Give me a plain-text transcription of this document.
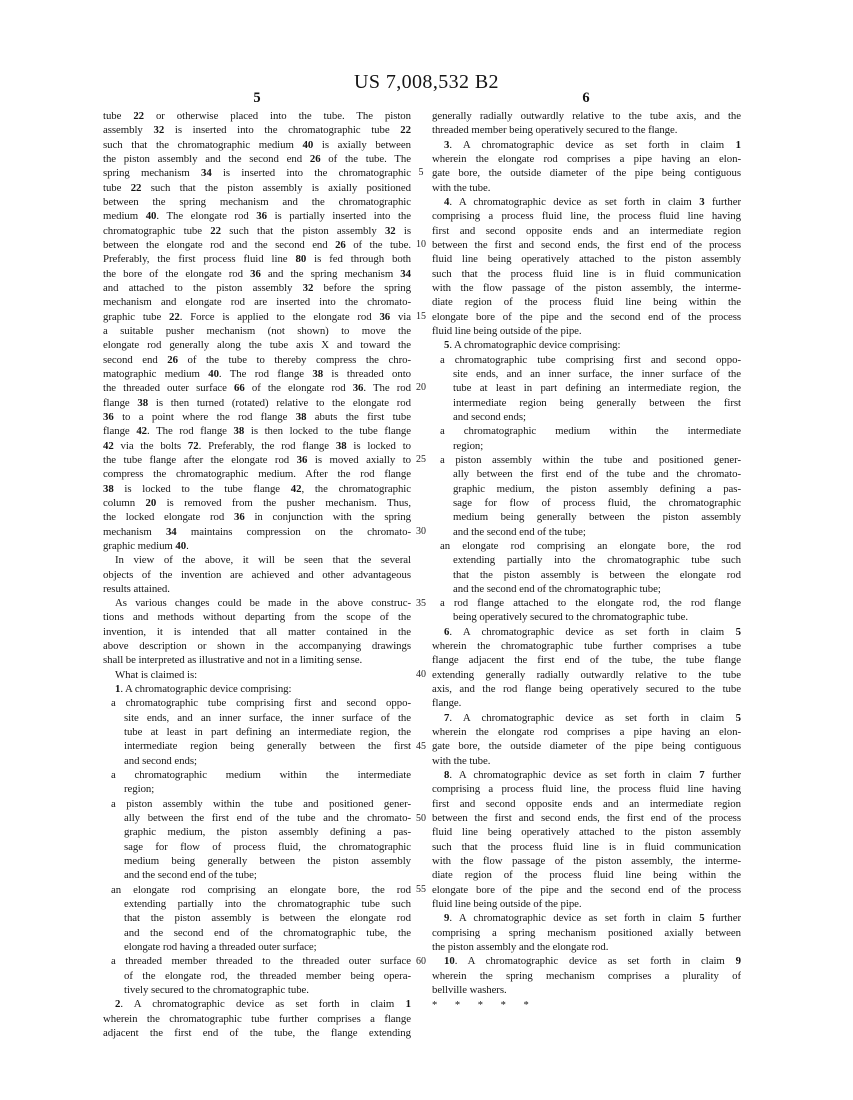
US 7,008,532 B2
5	6
tube 22 or otherwise placed into the tube. The piston
assembly 32 is inserted into the chromatographic tube 22
such that the chromatographic medium 40 is axially between
the piston assembly and the second end 26 of the tube. The
spring mechanism 34 is inserted into the chromatographic
tube 22 such that the piston assembly is axially positioned
between the spring mechanism and the chromatographic
medium 40. The elongate rod 36 is partially inserted into the
chromatographic tube 22 such that the piston assembly 32 is
between the elongate rod and the second end 26 of the tube.
Preferably, the first process fluid line 80 is fed through both
the bore of the elongate rod 36 and the spring mechanism 34
and attached to the piston assembly 32 before the spring
mechanism and elongate rod are inserted into the chromato-
graphic tube 22. Force is applied to the elongate rod 36 via
a suitable pusher mechanism (not shown) to move the
elongate rod generally along the tube axis X and toward the
second end 26 of the tube to thereby compress the chro-
matographic medium 40. The rod flange 38 is threaded onto
the threaded outer surface 66 of the elongate rod 36. The rod
flange 38 is then turned (rotated) relative to the elongate rod
36 to a point where the rod flange 38 abuts the first tube
flange 42. The rod flange 38 is then locked to the tube flange
42 via the bolts 72. Preferably, the rod flange 38 is locked to
the tube flange after the elongate rod 36 is moved axially to
compress the chromatographic medium. After the rod flange
38 is locked to the tube flange 42, the chromatographic
column 20 is removed from the pusher mechanism. Thus,
the locked elongate rod 36 in conjunction with the spring
mechanism 34 maintains compression on the chromato-
graphic medium 40.
In view of the above, it will be seen that the several
objects of the invention are achieved and other advantageous
results attained.
As various changes could be made in the above construc-
tions and methods without departing from the scope of the
invention, it is intended that all matter contained in the
above description or shown in the accompanying drawings
shall be interpreted as illustrative and not in a limiting sense.
What is claimed is:
1. A chromatographic device comprising:
a chromatographic tube comprising first and second oppo-
site ends, and an inner surface, the inner surface of the
tube at least in part defining an intermediate region, the
intermediate region being generally between the first
and second ends;
a chromatographic medium within the intermediate
region;
a piston assembly within the tube and positioned gener-
ally between the first end of the tube and the chromato-
graphic medium, the piston assembly defining a pas-
sage for flow of process fluid, the chromatographic
medium being generally between the piston assembly
and the second end of the tube;
an elongate rod comprising an elongate bore, the rod
extending partially into the chromatographic tube such
that the piston assembly is between the elongate rod
and the second end of the chromatographic tube, the
elongate rod having a threaded outer surface;
a threaded member threaded to the threaded outer surface
of the elongate rod, the threaded member being opera-
tively secured to the chromatographic tube.
2. A chromatographic device as set forth in claim 1
wherein the chromatographic tube further comprises a flange
adjacent the first end of the tube, the flange extending
generally radially outwardly relative to the tube axis, and the
threaded member being operatively secured to the flange.
3. A chromatographic device as set forth in claim 1
wherein the elongate rod comprises a pipe having an elon-
gate bore, the outside diameter of the pipe being contiguous
with the tube.
4. A chromatographic device as set forth in claim 3 further
comprising a process fluid line, the process fluid line having
first and second opposite ends and an intermediate region
between the first and second ends, the first end of the process
fluid line being operatively attached to the piston assembly
such that the process fluid line is in fluid communication
with the flow passage of the piston assembly, the interme-
diate region of the process fluid line being within the
elongate bore of the pipe and the second end of the process
fluid line being outside of the pipe.
5. A chromatographic device comprising:
a chromatographic tube comprising first and second oppo-
site ends, and an inner surface, the inner surface of the
tube at least in part defining an intermediate region, the
intermediate region being generally between the first
and second ends;
a chromatographic medium within the intermediate
region;
a piston assembly within the tube and positioned gener-
ally between the first end of the tube and the chromato-
graphic medium, the piston assembly defining a pas-
sage for flow of process fluid, the chromatographic
medium being generally between the piston assembly
and the second end of the tube;
an elongate rod comprising an elongate bore, the rod
extending partially into the chromatographic tube such
that the piston assembly is between the elongate rod
and the second end of the chromatographic tube;
a rod flange attached to the elongate rod, the rod flange
being operatively secured to the chromatographic tube.
6. A chromatographic device as set forth in claim 5
wherein the chromatographic tube further comprises a tube
flange adjacent the first end of the tube, the tube flange
extending generally radially outwardly relative to the tube
axis, and the rod flange being operatively secured to the tube
flange.
7. A chromatographic device as set forth in claim 5
wherein the elongate rod comprises a pipe having an elon-
gate bore, the outside diameter of the pipe being contiguous
with the tube.
8. A chromatographic device as set forth in claim 7 further
comprising a process fluid line, the process fluid line having
first and second opposite ends and an intermediate region
between the first and second ends, the first end of the process
fluid line being operatively attached to the piston assembly
such that the process fluid line is in fluid communication
with the flow passage of the piston assembly, the interme-
diate region of the process fluid line being within the
elongate bore of the pipe and the second end of the process
fluid line being outside of the pipe.
9. A chromatographic device as set forth in claim 5 further
comprising a spring mechanism positioned axially between
the piston assembly and the elongate rod.
10. A chromatographic device as set forth in claim 9
wherein the spring mechanism comprises a plurality of
bellville washers.
* * * * *
5
10
15
20
25
30
35
40
45
50
55
60
